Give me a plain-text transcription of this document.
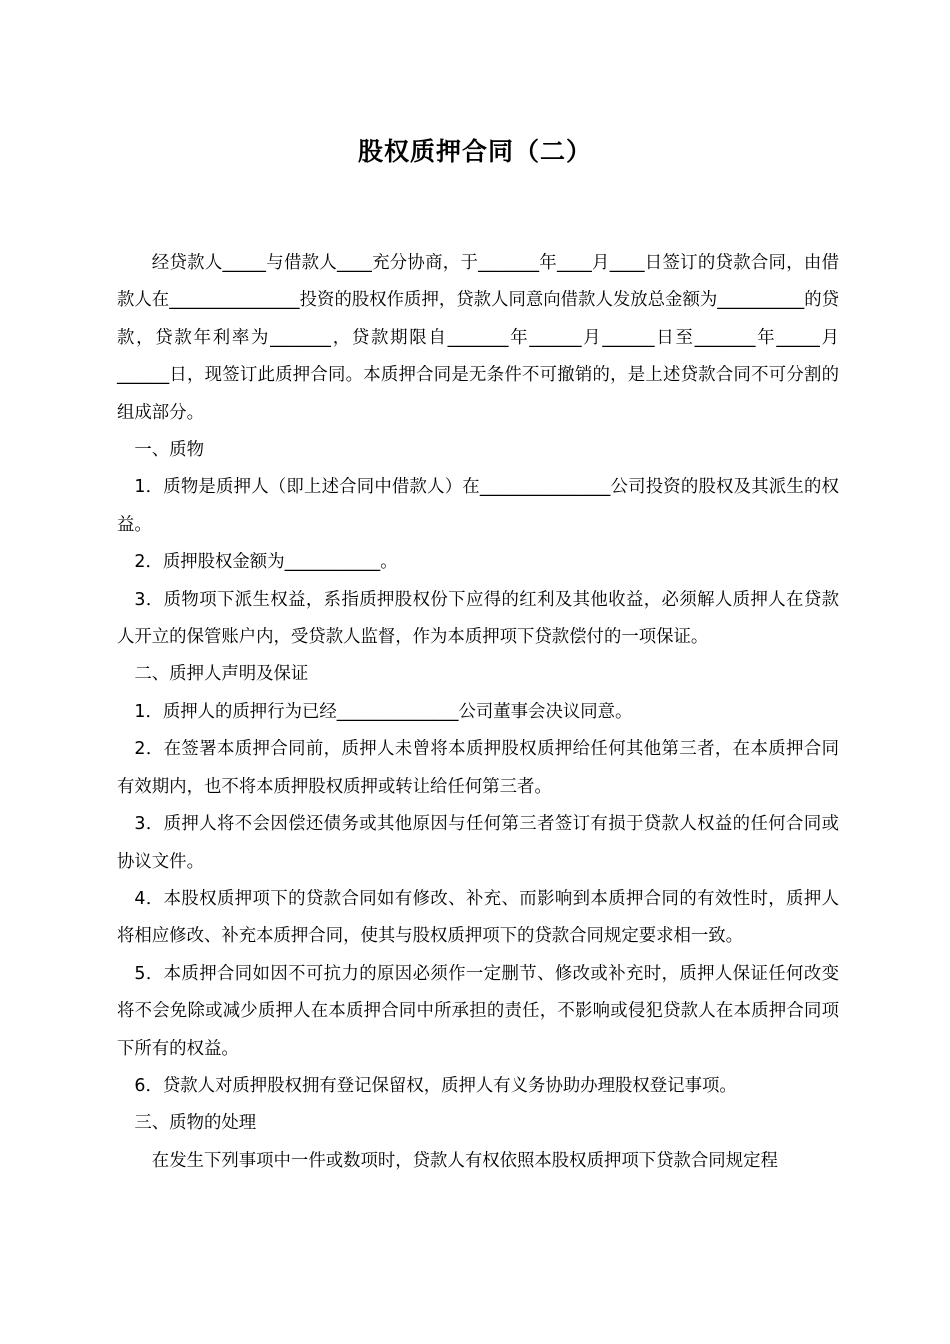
股权质押合同（二）

经贷款人_____与借款人____充分协商，于_______年____月____日签订的贷款合同，由借款人在_______________投资的股权作质押，贷款人同意向借款人发放总金额为__________的贷款，贷款年利率为_______，贷款期限自_______年______月______日至_______年_____月______日，现签订此质押合同。本质押合同是无条件不可撤销的，是上述贷款合同不可分割的组成部分。

一、质物

1．质物是质押人（即上述合同中借款人）在_______________公司投资的股权及其派生的权益。

2．质押股权金额为___________。

3．质物项下派生权益，系指质押股权份下应得的红利及其他收益，必须解人质押人在贷款人开立的保管账户内，受贷款人监督，作为本质押项下贷款偿付的一项保证。

二、质押人声明及保证

1．质押人的质押行为已经______________公司董事会决议同意。

2．在签署本质押合同前，质押人未曾将本质押股权质押给任何其他第三者，在本质押合同有效期内，也不将本质押股权质押或转让给任何第三者。

3．质押人将不会因偿还债务或其他原因与任何第三者签订有损于贷款人权益的任何合同或协议文件。

4．本股权质押项下的贷款合同如有修改、补充、而影响到本质押合同的有效性时，质押人将相应修改、补充本质押合同，使其与股权质押项下的贷款合同规定要求相一致。

5．本质押合同如因不可抗力的原因必须作一定删节、修改或补充时，质押人保证任何改变将不会免除或减少质押人在本质押合同中所承担的责任，不影响或侵犯贷款人在本质押合同项下所有的权益。

6．贷款人对质押股权拥有登记保留权，质押人有义务协助办理股权登记事项。

三、质物的处理

在发生下列事项中一件或数项时，贷款人有权依照本股权质押项下贷款合同规定程
